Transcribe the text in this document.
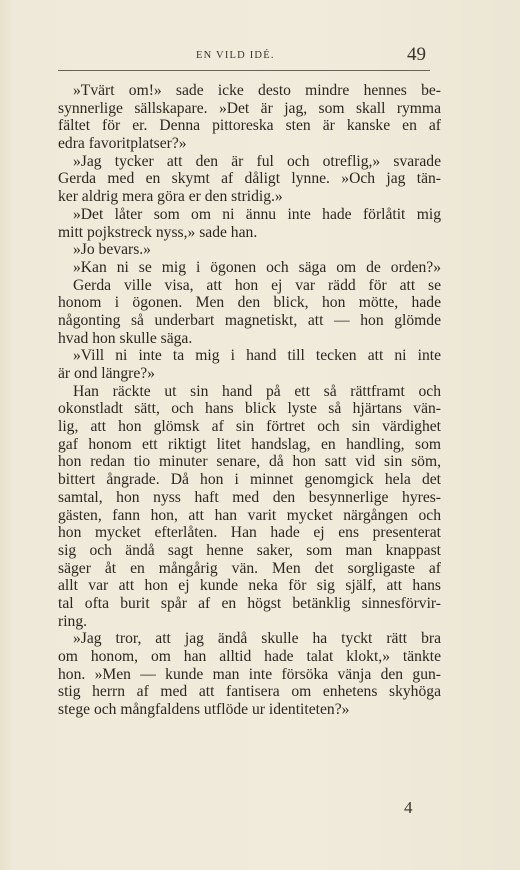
EN VILD IDÉ.	49
»Tvärt om!» sade icke desto mindre hennes be-
synnerlige sällskapare. »Det är jag, som skall rymma
fältet för er. Denna pittoreska sten är kanske en af
edra favoritplatser?»
»Jag tycker att den är ful och otreflig,» svarade
Gerda med en skymt af dåligt lynne. »Och jag tän-
ker aldrig mera göra er den stridig.»
»Det låter som om ni ännu inte hade förlåtit mig
mitt pojkstreck nyss,» sade han.
»Jo bevars.»
»Kan ni se mig i ögonen och säga om de orden?»
Gerda ville visa, att hon ej var rädd för att se
honom i ögonen. Men den blick, hon mötte, hade
någonting så underbart magnetiskt, att — hon glömde
hvad hon skulle säga.
»Vill ni inte ta mig i hand till tecken att ni inte
är ond längre?»
Han räckte ut sin hand på ett så rättframt och
okonstladt sätt, och hans blick lyste så hjärtans vän-
lig, att hon glömsk af sin förtret och sin värdighet
gaf honom ett riktigt litet handslag, en handling, som
hon redan tio minuter senare, då hon satt vid sin söm,
bittert ångrade. Då hon i minnet genomgick hela det
samtal, hon nyss haft med den besynnerlige hyres-
gästen, fann hon, att han varit mycket närgången och
hon mycket efterlåten. Han hade ej ens presenterat
sig och ändå sagt henne saker, som man knappast
säger åt en mångårig vän. Men det sorgligaste af
allt var att hon ej kunde neka för sig själf, att hans
tal ofta burit spår af en högst betänklig sinnesförvir-
ring.
»Jag tror, att jag ändå skulle ha tyckt rätt bra
om honom, om han alltid hade talat klokt,» tänkte
hon. »Men — kunde man inte försöka vänja den gun-
stig herrn af med att fantisera om enhetens skyhöga
stege och mångfaldens utflöde ur identiteten?»
4
